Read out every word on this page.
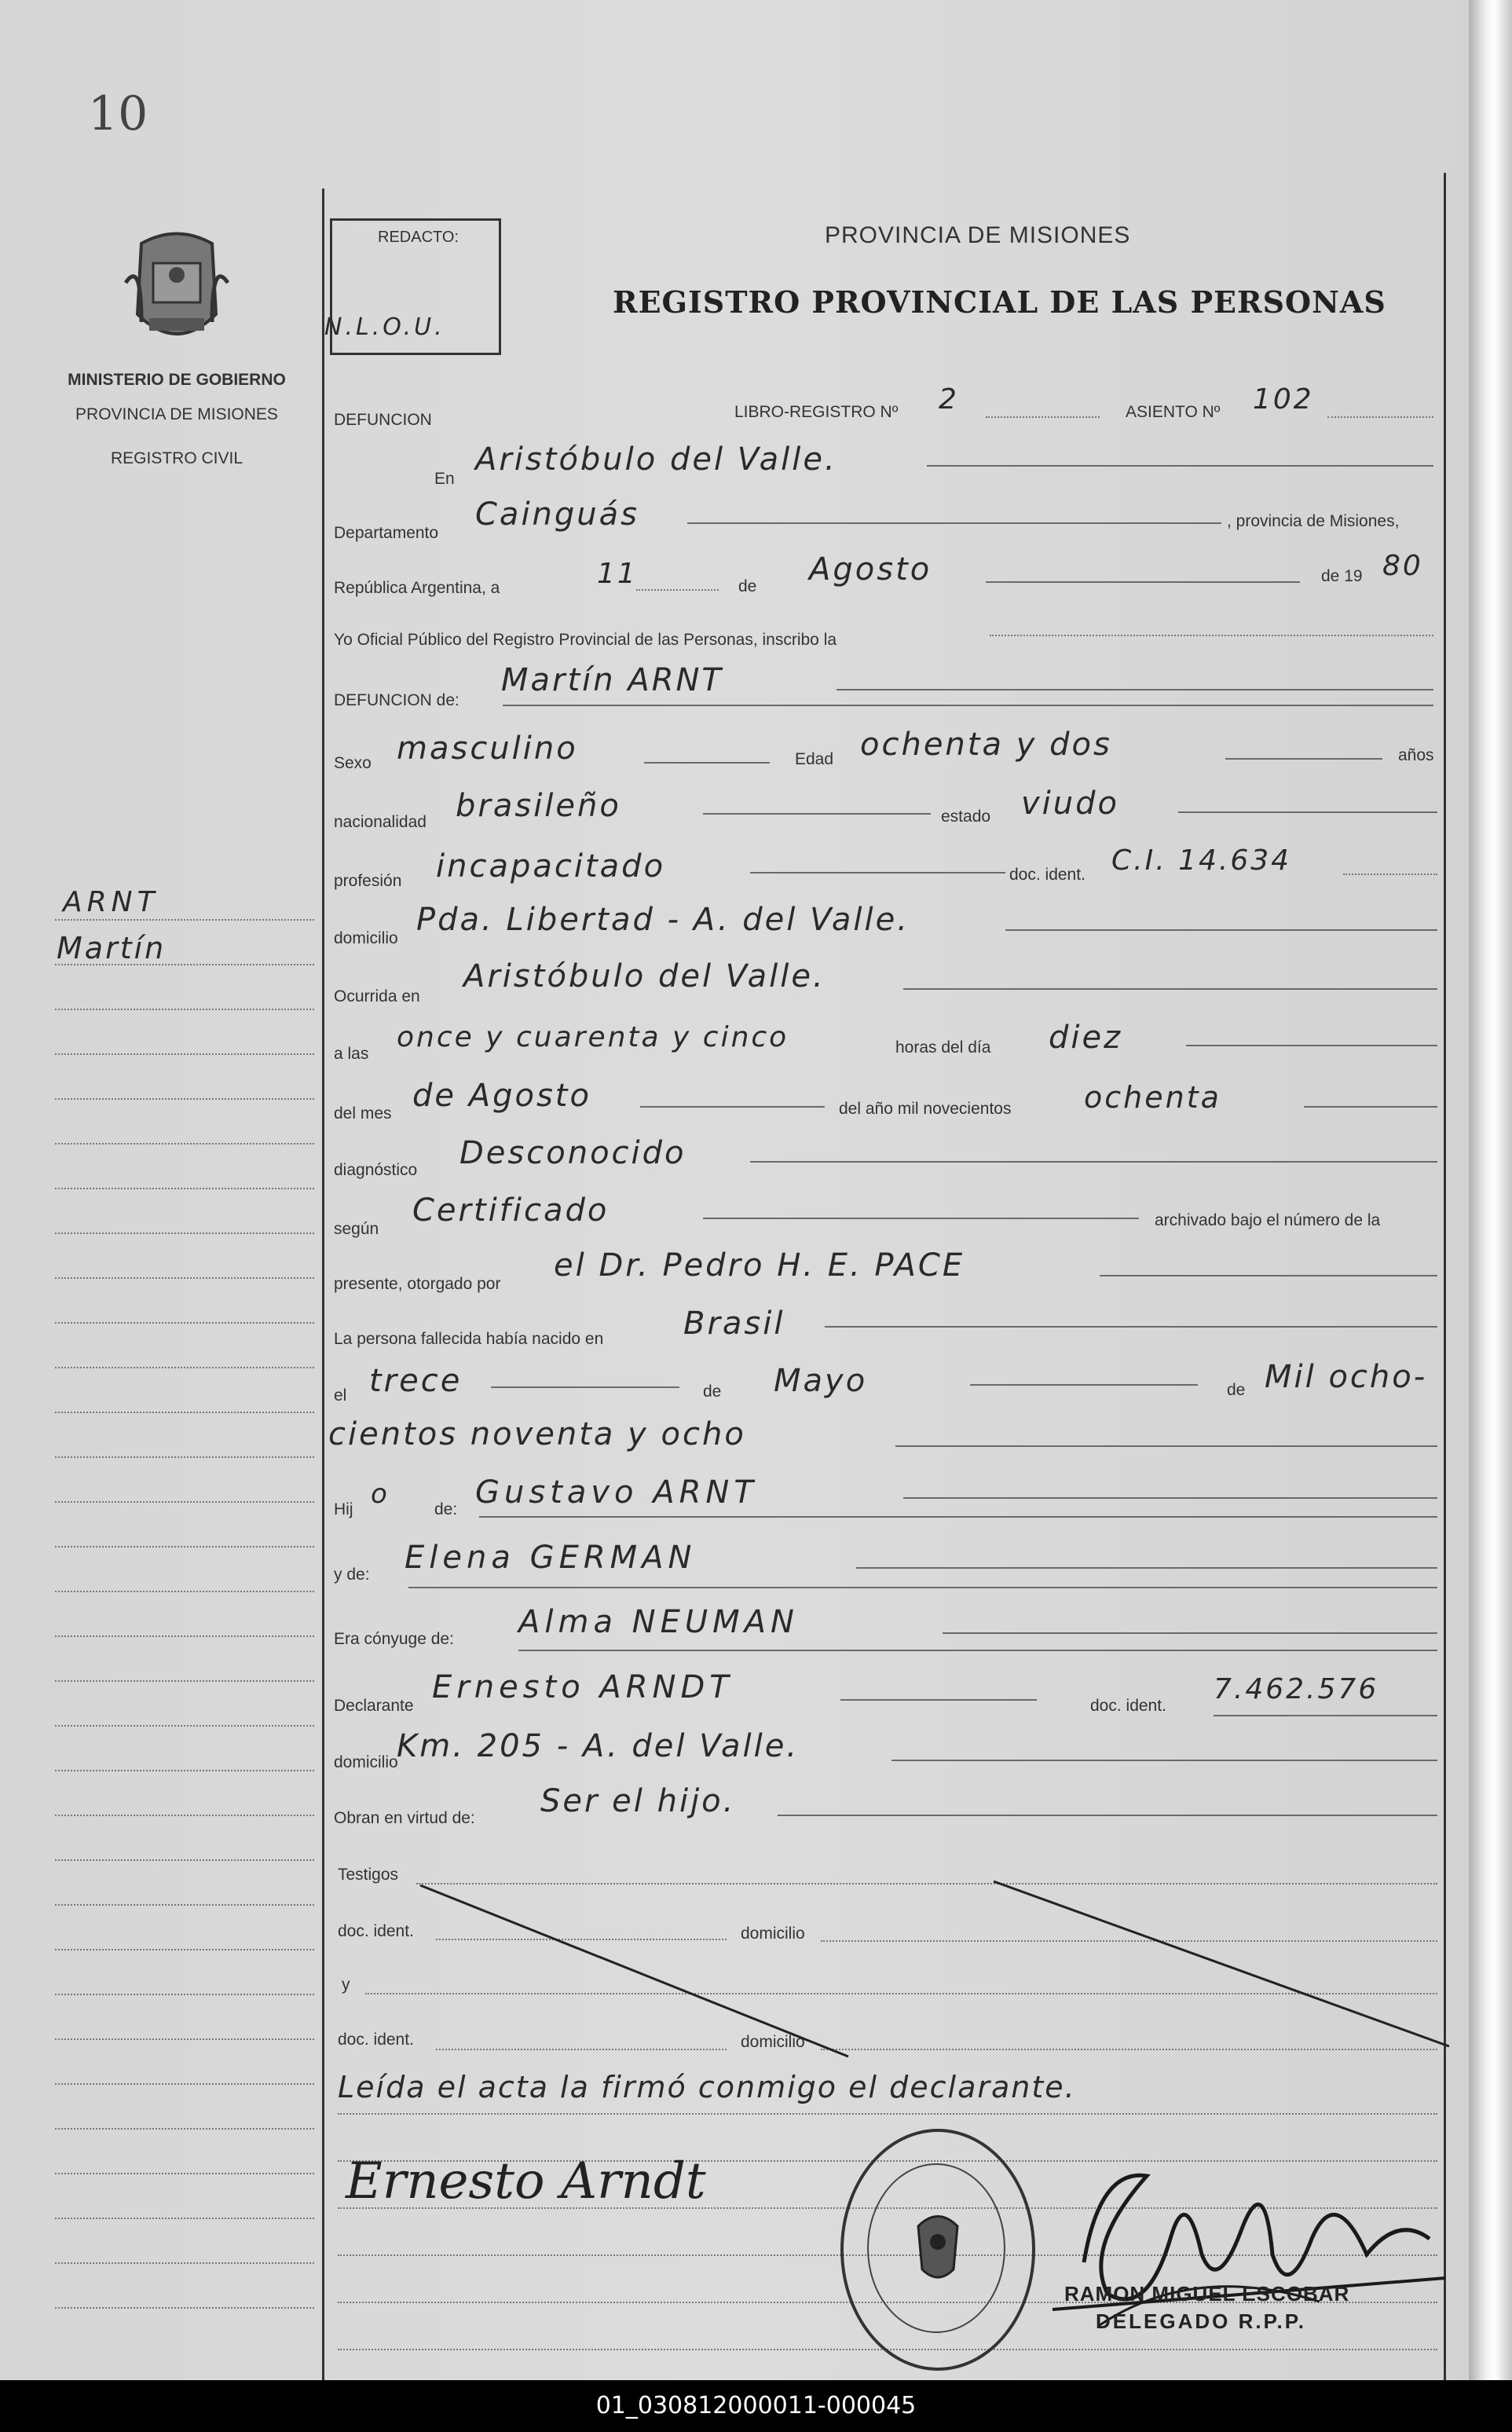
10
MINISTERIO DE GOBIERNO
PROVINCIA DE MISIONES
REGISTRO CIVIL
ARNT
Martín
REDACTO:
N.L.O.U.
PROVINCIA DE MISIONES
REGISTRO PROVINCIAL DE LAS PERSONAS
DEFUNCION	LIBRO-REGISTRO Nº 2	ASIENTO Nº 102
En
Aristóbulo del Valle.
Departamento
Cainguás	, provincia de Misiones,
República Argentina, a	11	de Agosto	de 19 80
Yo Oficial Público del Registro Provincial de las Personas, inscribo la
DEFUNCION de:
Martín ARNT
Sexo masculino	Edad ochenta y dos	años
nacionalidad brasileño	estado viudo
profesión incapacitado	doc. ident. C.I. 14.634
domicilio
Pda. Libertad - A. del Valle.
Ocurrida en
Aristóbulo del Valle.
a las
once y cuarenta y cinco	horas del día diez
del mes de Agosto	del año mil novecientos ochenta
diagnóstico Desconocido
según
Certificado	archivado bajo el número de la
presente, otorgado por
el Dr. Pedro H. E. PACE
La persona fallecida había nacido en	Brasil
el trece	de Mayo	de Mil ocho-
cientos noventa y ocho
Hij o	de: Gustavo ARNT
y de: Elena GERMAN
Era cónyuge de: Alma NEUMAN
Declarante
Ernesto ARNDT
doc. ident.
7.462.576
domicilio
Km. 205 - A. del Valle.
Obran en virtud de: Ser el hijo.
Testigos
doc. ident.	domicilio
y
doc. ident.	domicilio
Leída el acta la firmó conmigo el declarante.
Ernesto Arndt
RAMON MIGUEL ESCOBAR
DELEGADO R.P.P.
01_030812000011-000045
